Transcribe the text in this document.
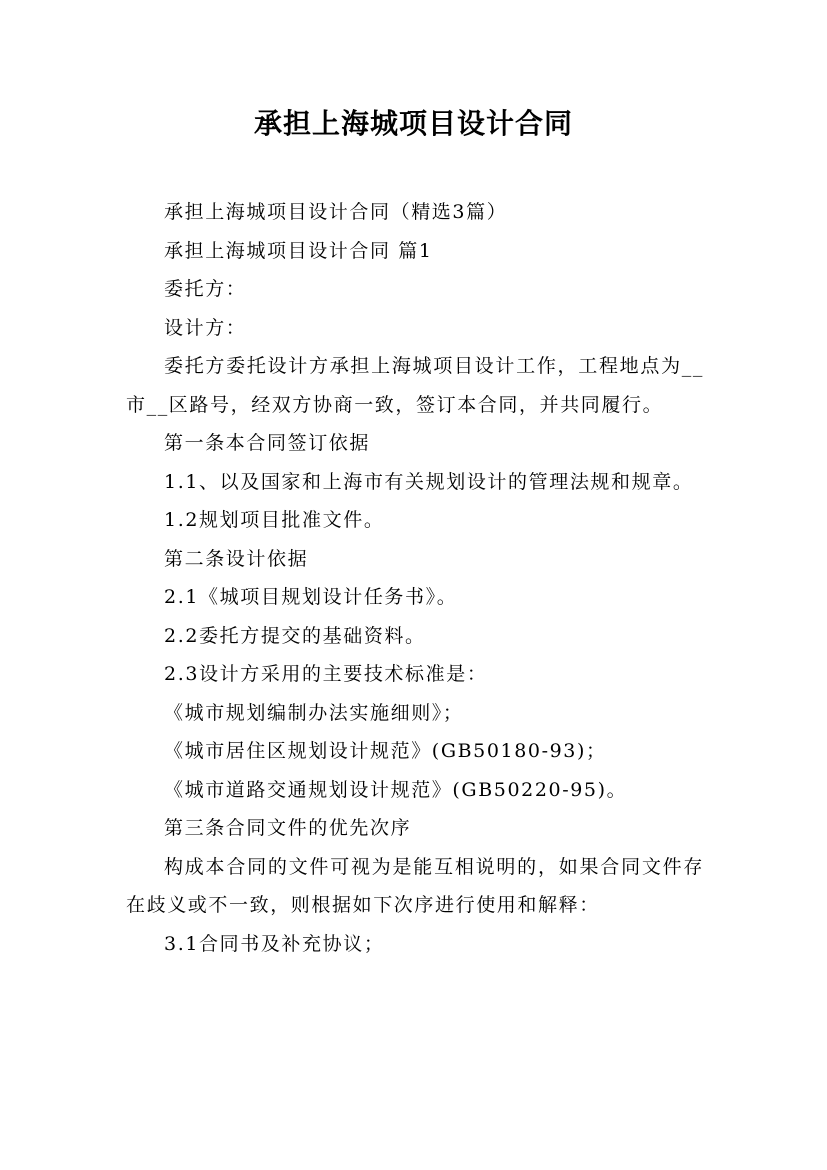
承担上海城项目设计合同

承担上海城项目设计合同（精选3篇）

承担上海城项目设计合同 篇1

委托方：

设计方：

委托方委托设计方承担上海城项目设计工作，工程地点为__市__区路号，经双方协商一致，签订本合同，并共同履行。

第一条本合同签订依据

1.1、以及国家和上海市有关规划设计的管理法规和规章。

1.2规划项目批准文件。

第二条设计依据

2.1《城项目规划设计任务书》。

2.2委托方提交的基础资料。

2.3设计方采用的主要技术标准是：

《城市规划编制办法实施细则》；

《城市居住区规划设计规范》(GB50180-93)；

《城市道路交通规划设计规范》(GB50220-95)。

第三条合同文件的优先次序

构成本合同的文件可视为是能互相说明的，如果合同文件存在歧义或不一致，则根据如下次序进行使用和解释：

3.1合同书及补充协议；
